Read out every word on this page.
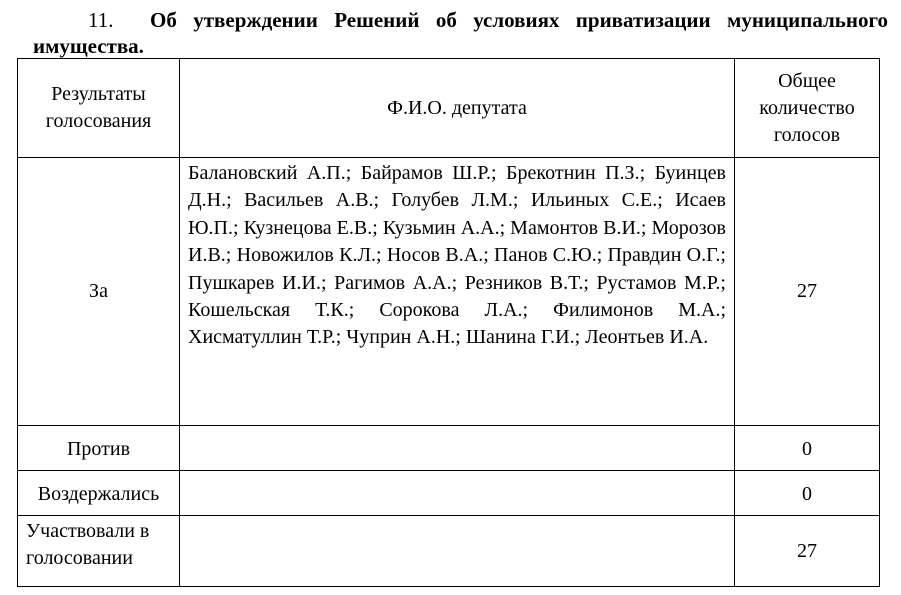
11. Об утверждении Решений об условиях приватизации муниципального имущества.
Результаты голосования	Ф.И.О. депутата	Общее количество голосов
За	Балановский А.П.; Байрамов Ш.Р.; Брекотнин П.З.; Буинцев Д.Н.; Васильев А.В.; Голубев Л.М.; Ильиных С.Е.; Исаев Ю.П.; Кузнецова Е.В.; Кузьмин А.А.; Мамонтов В.И.; Морозов И.В.; Новожилов К.Л.; Носов В.А.; Панов С.Ю.; Правдин О.Г.; Пушкарев И.И.; Рагимов А.А.; Резников В.Т.; Рустамов М.Р.; Кошельская Т.К.; Сорокова Л.А.; Филимонов М.А.; Хисматуллин Т.Р.; Чуприн А.Н.; Шанина Г.И.; Леонтьев И.А.	27
Против		0
Воздержались		0
Участвовали в голосовании		27
